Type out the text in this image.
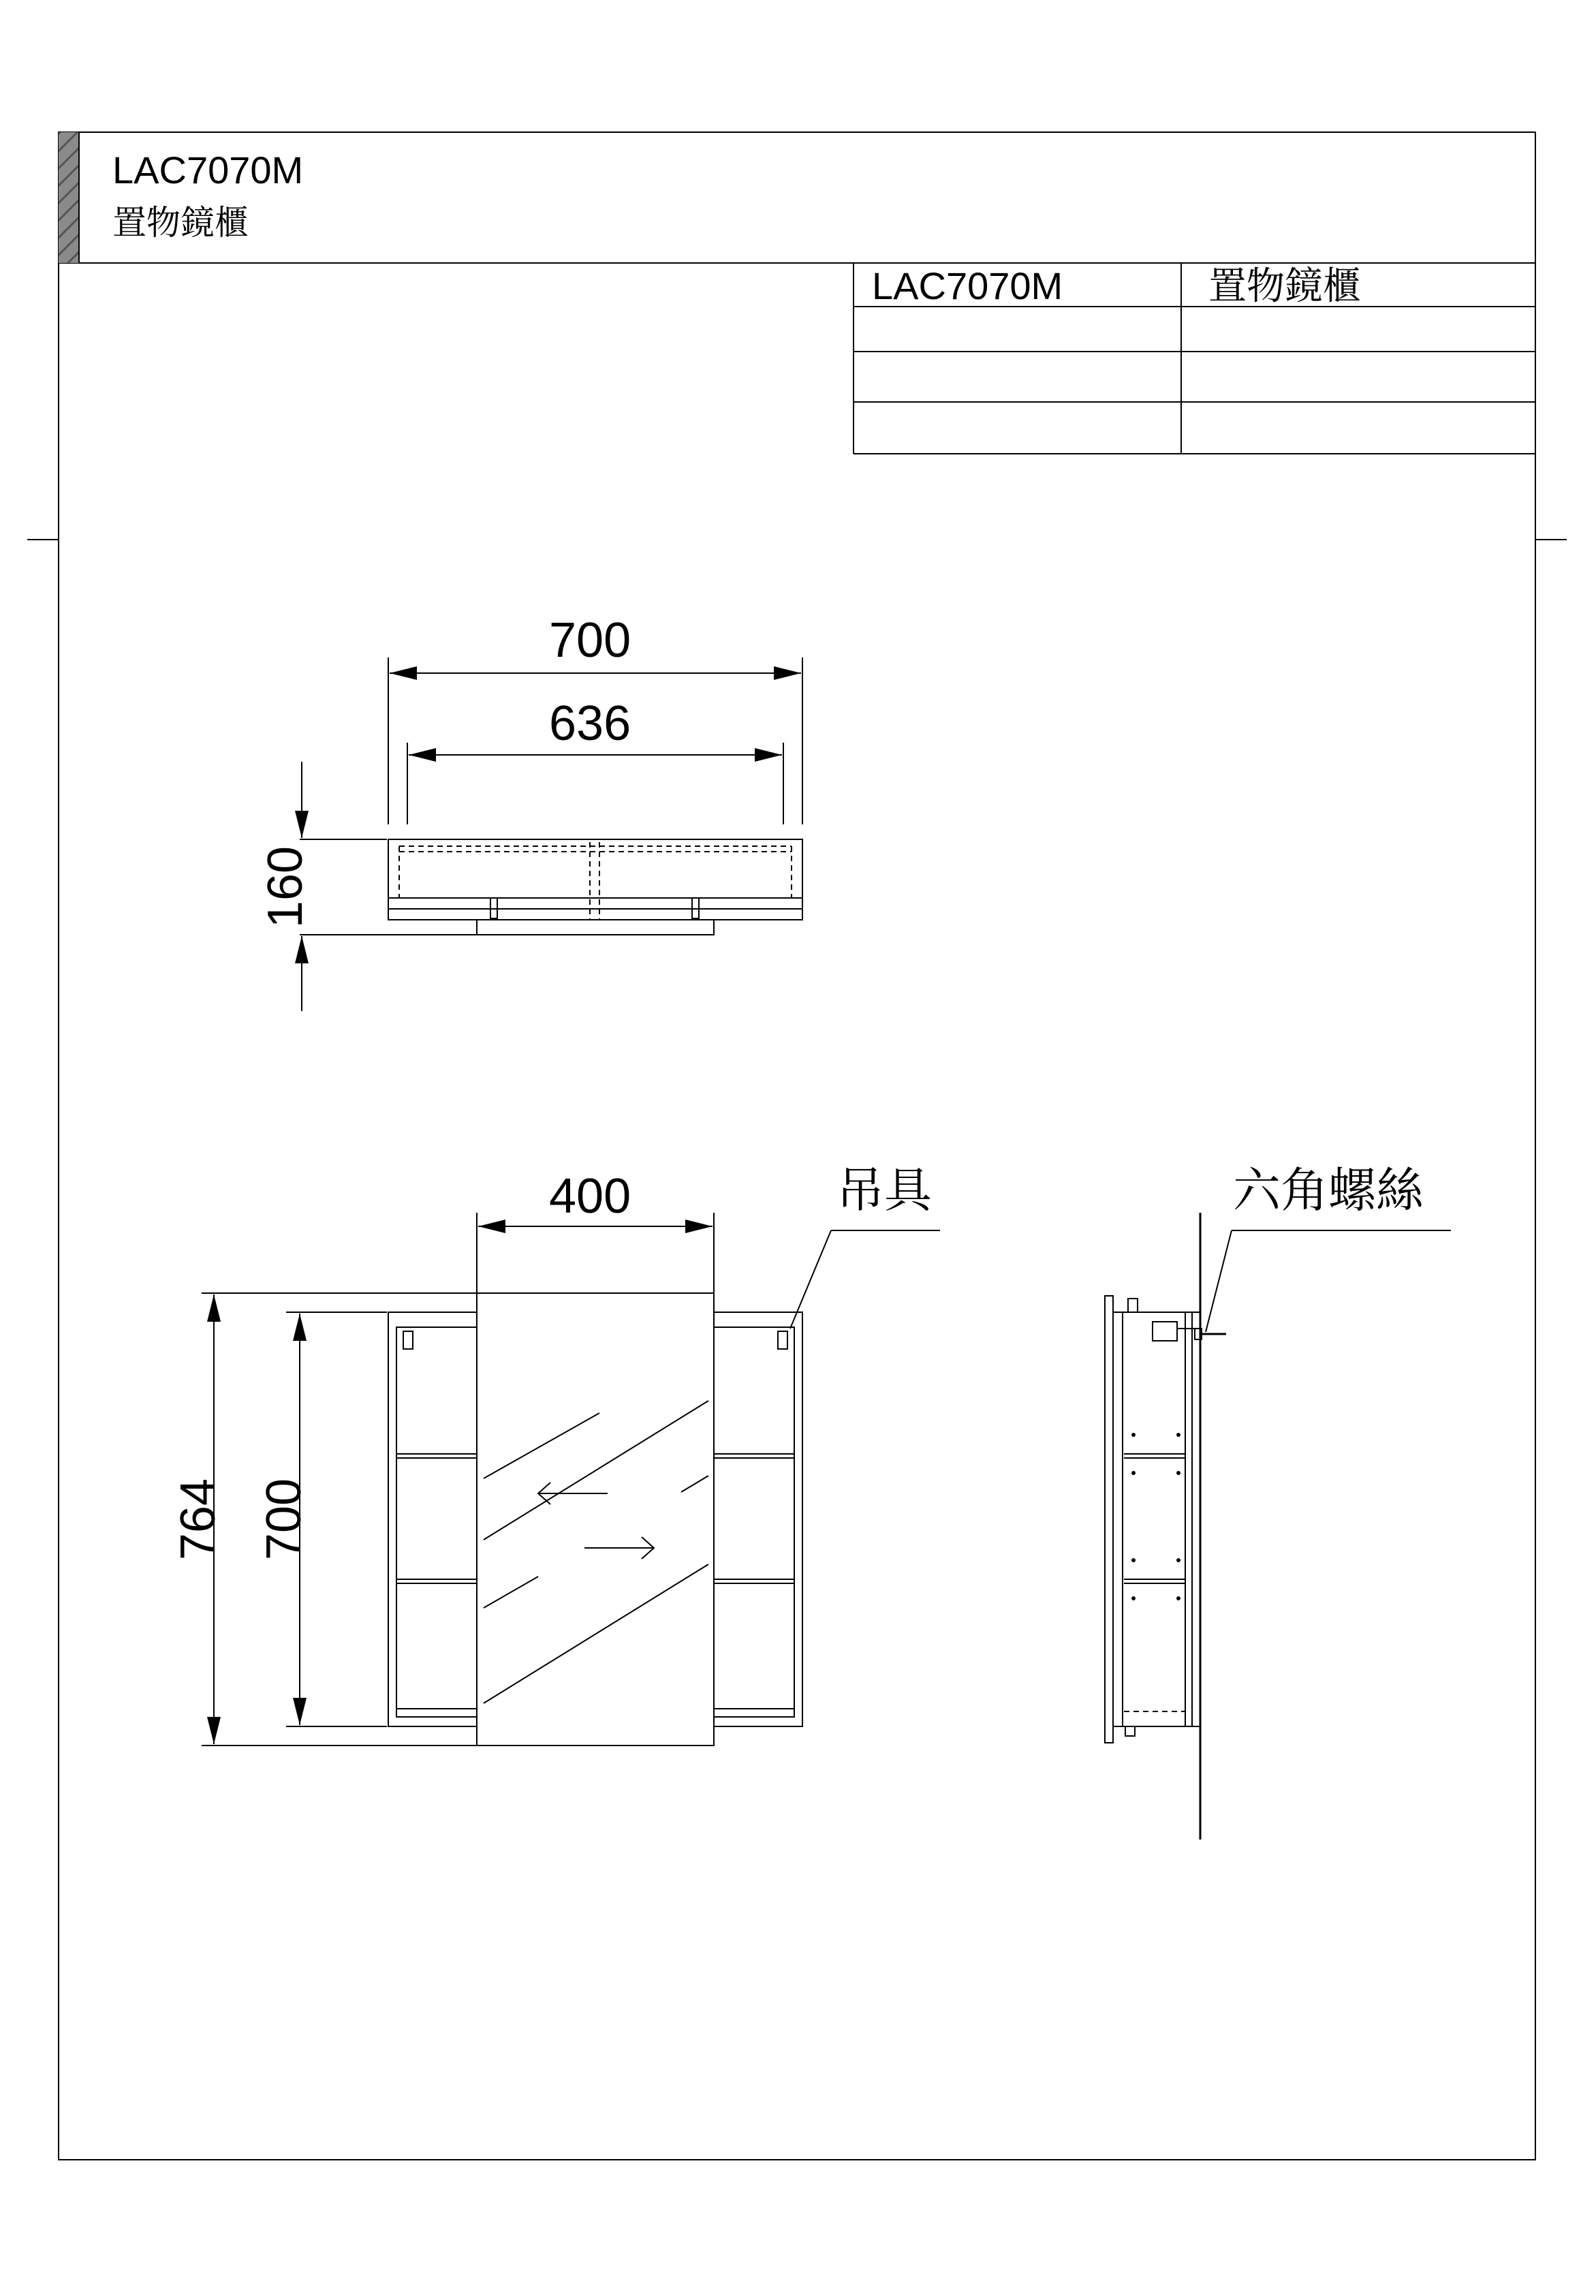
160
764 700
LAC7070M
置物鏡櫃
LAC7070M	置物鏡櫃
700
636
400	吊具	六角螺絲
